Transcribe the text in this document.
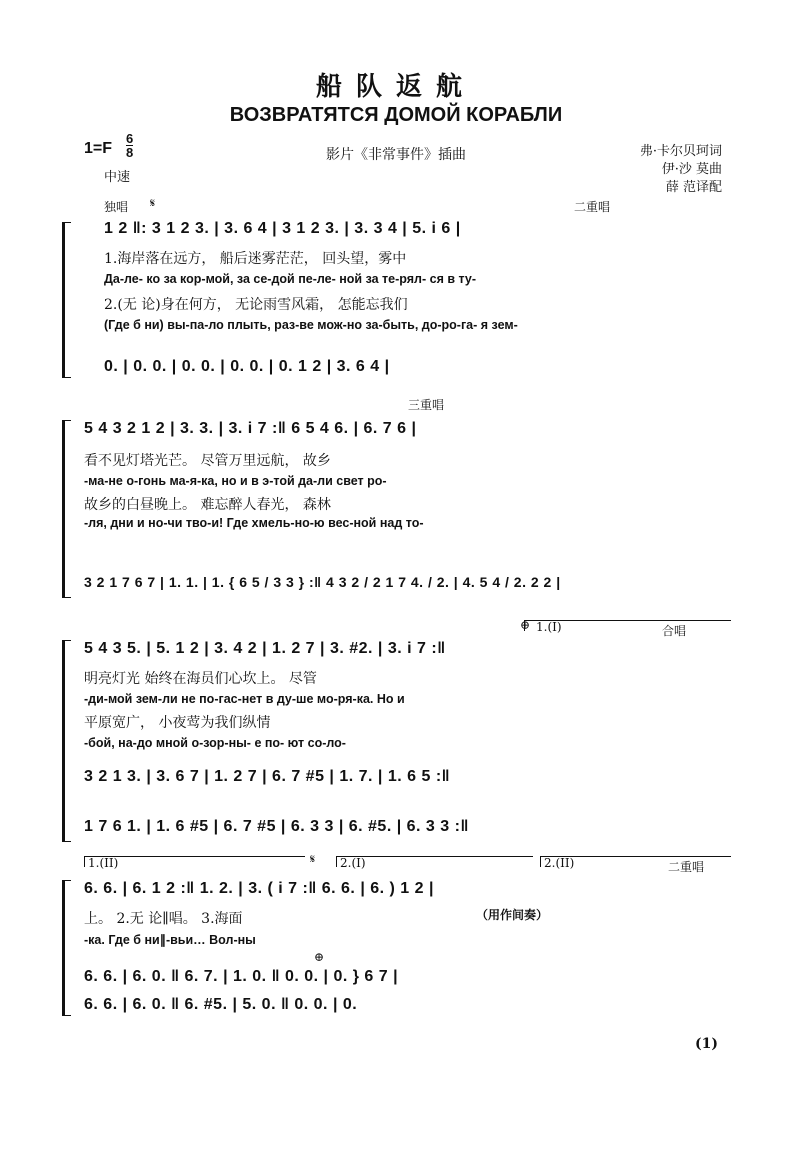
船队返航
ВОЗВРАТЯТСЯ ДОМОЙ КОРАБЛИ
1=F
6
8
中速
影片《非常事件》插曲	弗·卡尔贝珂词
伊·沙 莫曲
薛 范译配
独唱 𝄋	二重唱
1 2 ‖: 3 1 2 3. | 3. 6 4 | 3 1 2 3. | 3. 3 4 | 5. i 6 |
1.海岸落在远方， 船后迷雾茫茫， 回头望，雾中
Да-ле- ко за кор-мой, за се-дой пе-ле- ной за те-рял- ся в ту-
2.(无 论)身在何方， 无论雨雪风霜， 怎能忘我们
(Где б ни) вы-па-ло плыть, раз-ве мож-но за-быть, до-ро-га- я зем-
0. | 0. 0. | 0. 0. | 0. 0. | 0. 1 2 | 3. 6 4 |
三重唱
5 4 3 2 1 2 | 3. 3. | 3. i 7 :‖ 6 5 4 6. | 6. 7 6 |
看不见灯塔光芒。 尽管万里远航， 故乡
-ма-не о-гонь ма-я-ка, но и в э-той да-ли свет ро-
故乡的白昼晚上。 难忘醉人春光， 森林
-ля, дни и но-чи тво-и! Где хмель-но-ю вес-ной над то-
3 2 1 7 6 7 | 1. 1. | 1. { 6 5 / 3 3 } :‖ 4 3 2 / 2 1 7 4. / 2. | 4. 5 4 / 2. 2 2 |
⊕ 1.(I)	合唱
5 4 3 5. | 5. 1 2 | 3. 4 2 | 1. 2 7 | 3. #2. | 3. i 7 :‖
明亮灯光 始终在海员们心坎上。 尽管
-ди-мой зем-ли не по-гас-нет в ду-ше мо-ря-ка. Но и
平原宽广， 小夜莺为我们纵情
-бой, на-до мной о-зор-ны- е по- ют со-ло-
3 2 1 3. | 3. 6 7 | 1. 2 7 | 6. 7 #5 | 1. 7. | 1. 6 5 :‖
1 7 6 1. | 1. 6 #5 | 6. 7 #5 | 6. 3 3 | 6. #5. | 6. 3 3 :‖
1.(II)	𝄋 2.(I)	2.(II)	二重唱
6. 6. | 6. 1 2 :‖ 1. 2. | 3. ( i 7 :‖ 6. 6. | 6. ) 1 2 |
（用作间奏）
上。 2.无 论∥唱。 3.海面
-ка. Где б ни∥-вьи… Вол-ны
⊕
6. 6. | 6. 0. ‖ 6. 7. | 1. 0. ‖ 0. 0. | 0. } 6 7 |
6. 6. | 6. 0. ‖ 6. #5. | 5. 0. ‖ 0. 0. | 0.
(1)
